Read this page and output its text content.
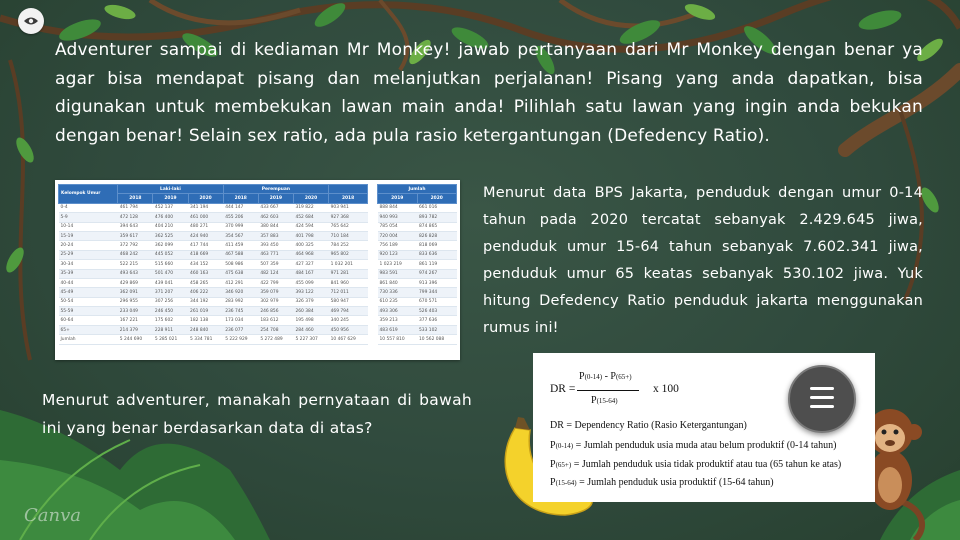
Adventurer sampai di kediaman Mr Monkey! jawab pertanyaan dari Mr Monkey dengan benar ya agar bisa mendapat pisang dan melanjutkan perjalanan! Pisang yang anda dapatkan, bisa digunakan untuk membekukan lawan main anda! Pilihlah satu lawan yang ingin anda bekukan dengan benar! Selain sex ratio, ada pula rasio ketergantungan (Defedency Ratio).
Kelompok Umur	Laki-laki			Perempuan			
	2018	2019	2020	2018	2019	2020	2018
0-4	461 794	452 137	341 194	444 147	433 667	319 822	903 941
5-9	472 128	476 400	461 000	455 206	462 603	452 684	927 368
10-14	394 643	404 210	480 271	370 999	380 844	424 594	765 642
15-19	359 617	362 525	424 940	354 567	357 883	401 798	710 184
20-24	372 792	362 099	417 744	411 459	393 450	400 325	784 252
25-29	468 242	445 052	418 669	467 588	463 771	464 968	965 802
30-34	522 215	515 660	434 152	508 986	507 359	427 327	1 032 201
35-39	493 643	501 470	460 163	475 638	482 124	484 167	971 281
40-44	429 869	439 041	458 265	412 291	422 799	455 099	841 960
45-49	362 091	371 207	406 222	346 920	359 079	393 122	712 011
50-54	296 955	307 256	344 192	283 992	302 979	326 379	580 947
55-59	233 049	246 450	261 019	236 745	246 856	260 384	469 794
60-64	167 221	175 602	182 138	173 034	183 612	195 498	340 245
65+	214 379	228 911	248 840	236 077	254 708	284 460	450 956
Jumlah	5 244 690	5 285 021	5 334 781	5 222 929	5 272 489	5 227 307	10 467 629
Jumlah	
2019	2020
888 844	661 016
940 993	893 782
785 054	874 865
720 004	826 828
756 189	818 069
920 123	833 636
1 023 219	861 119
983 591	974 267
861 840	913 396
730 336	799 344
610 235	670 571
493 306	526 403
359 213	377 636
483 619	533 102
10 557 810	10 562 088
Menurut data BPS Jakarta, penduduk dengan umur 0-14 tahun pada 2020 tercatat sebanyak 2.429.645 jiwa, penduduk umur 15-64 tahun sebanyak 7.602.341 jiwa, penduduk umur 65 keatas sebanyak 530.102 jiwa. Yuk hitung Defedency Ratio penduduk jakarta menggunakan rumus ini!
Menurut adventurer, manakah pernyataan di bawah ini yang benar berdasarkan data di atas?
DR =
P(0-14) - P(65+)
P(15-64)
x 100
DR = Dependency Ratio (Rasio Ketergantungan)
P(0-14) = Jumlah penduduk usia muda atau belum produktif (0-14 tahun)
P(65+) = Jumlah penduduk usia tidak produktif atau tua (65 tahun ke atas)
P(15-64) = Jumlah penduduk usia produktif (15-64 tahun)
Canva
